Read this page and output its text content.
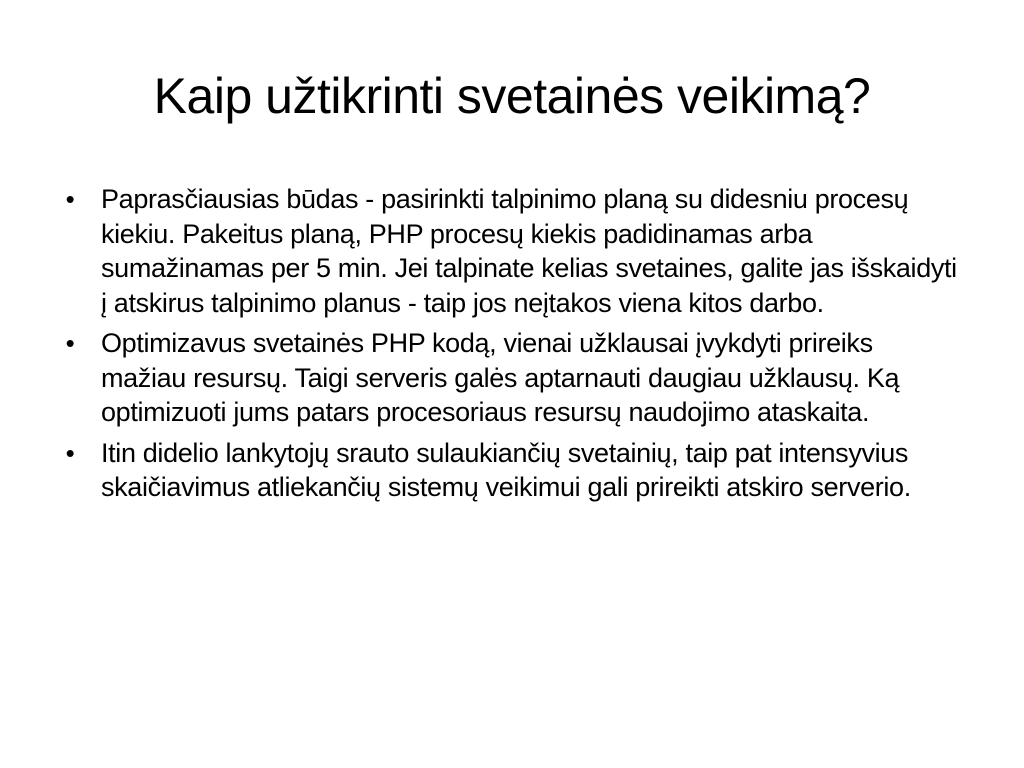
Kaip užtikrinti svetainės veikimą?
• Paprasčiausias būdas - pasirinkti talpinimo planą su didesniu procesų kiekiu. Pakeitus planą, PHP procesų kiekis padidinamas arba sumažinamas per 5 min. Jei talpinate kelias svetaines, galite jas išskaidyti į atskirus talpinimo planus - taip jos neįtakos viena kitos darbo.
• Optimizavus svetainės PHP kodą, vienai užklausai įvykdyti prireiks mažiau resursų. Taigi serveris galės aptarnauti daugiau užklausų. Ką optimizuoti jums patars procesoriaus resursų naudojimo ataskaita.
• Itin didelio lankytojų srauto sulaukiančių svetainių, taip pat intensyvius skaičiavimus atliekančių sistemų veikimui gali prireikti atskiro serverio.
